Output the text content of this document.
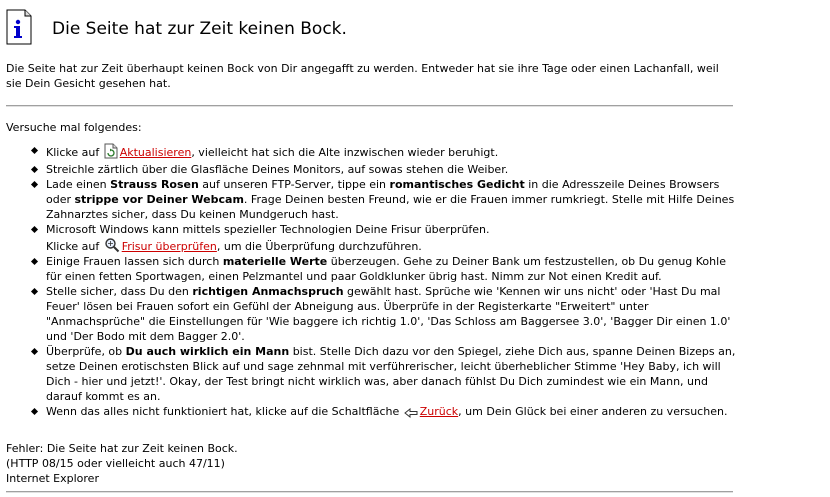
Die Seite hat zur Zeit keinen Bock.
Die Seite hat zur Zeit überhaupt keinen Bock von Dir angegafft zu werden. Entweder hat sie ihre Tage oder einen Lachanfall, weil sie Dein Gesicht gesehen hat.
Versuche mal folgendes:
Klicke auf Aktualisieren, vielleicht hat sich die Alte inzwischen wieder beruhigt.
Streichle zärtlich über die Glasfläche Deines Monitors, auf sowas stehen die Weiber.
Lade einen Strauss Rosen auf unseren FTP-Server, tippe ein romantisches Gedicht in die Adresszeile Deines Browsers oder strippe vor Deiner Webcam. Frage Deinen besten Freund, wie er die Frauen immer rumkriegt. Stelle mit Hilfe Deines Zahnarztes sicher, dass Du keinen Mundgeruch hast.
Microsoft Windows kann mittels spezieller Technologien Deine Frisur überprüfen.
Klicke auf Frisur überprüfen, um die Überprüfung durchzuführen.
Einige Frauen lassen sich durch materielle Werte überzeugen. Gehe zu Deiner Bank um festzustellen, ob Du genug Kohle für einen fetten Sportwagen, einen Pelzmantel und paar Goldklunker übrig hast. Nimm zur Not einen Kredit auf.
Stelle sicher, dass Du den richtigen Anmachspruch gewählt hast. Sprüche wie 'Kennen wir uns nicht' oder 'Hast Du mal Feuer' lösen bei Frauen sofort ein Gefühl der Abneigung aus. Überprüfe in der Registerkarte "Erweitert" unter "Anmachsprüche" die Einstellungen für 'Wie baggere ich richtig 1.0', 'Das Schloss am Baggersee 3.0', 'Bagger Dir einen 1.0' und 'Der Bodo mit dem Bagger 2.0'.
Überprüfe, ob Du auch wirklich ein Mann bist. Stelle Dich dazu vor den Spiegel, ziehe Dich aus, spanne Deinen Bizeps an, setze Deinen erotischsten Blick auf und sage zehnmal mit verführerischer, leicht überheblicher Stimme 'Hey Baby, ich will Dich - hier und jetzt!'. Okay, der Test bringt nicht wirklich was, aber danach fühlst Du Dich zumindest wie ein Mann, und darauf kommt es an.
Wenn das alles nicht funktioniert hat, klicke auf die Schaltfläche Zurück, um Dein Glück bei einer anderen zu versuchen.
Fehler: Die Seite hat zur Zeit keinen Bock.
(HTTP 08/15 oder vielleicht auch 47/11)
Internet Explorer
